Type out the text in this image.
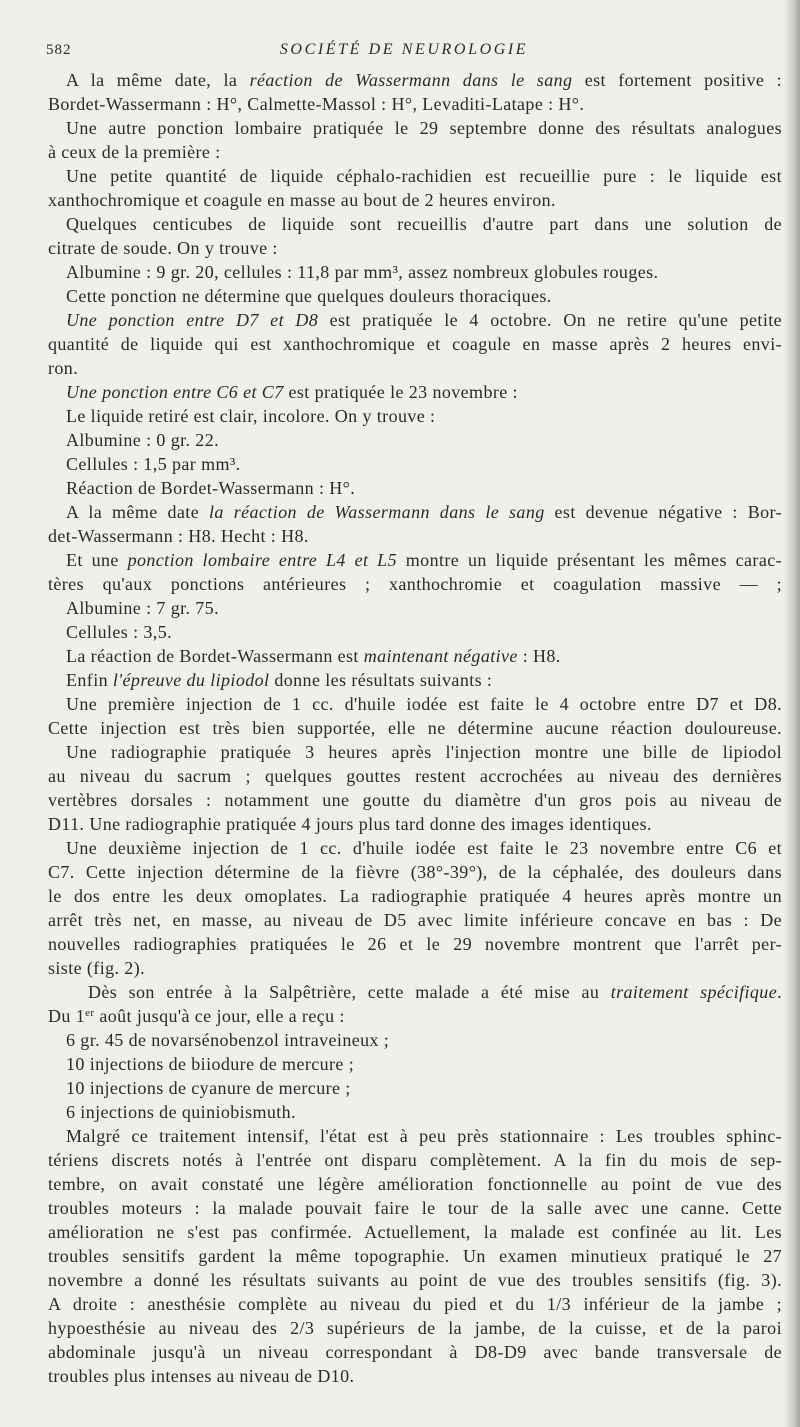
582	SOCIÉTÉ DE NEUROLOGIE
A la même date, la réaction de Wassermann dans le sang est fortement positive :
Bordet-Wassermann : H°, Calmette-Massol : H°, Levaditi-Latape : H°.
Une autre ponction lombaire pratiquée le 29 septembre donne des résultats analogues
à ceux de la première :
Une petite quantité de liquide céphalo-rachidien est recueillie pure : le liquide est
xanthochromique et coagule en masse au bout de 2 heures environ.
Quelques centicubes de liquide sont recueillis d'autre part dans une solution de
citrate de soude. On y trouve :
Albumine : 9 gr. 20, cellules : 11,8 par mm³, assez nombreux globules rouges.
Cette ponction ne détermine que quelques douleurs thoraciques.
Une ponction entre D7 et D8 est pratiquée le 4 octobre. On ne retire qu'une petite
quantité de liquide qui est xanthochromique et coagule en masse après 2 heures envi-
ron.
Une ponction entre C6 et C7 est pratiquée le 23 novembre :
Le liquide retiré est clair, incolore. On y trouve :
Albumine : 0 gr. 22.
Cellules : 1,5 par mm³.
Réaction de Bordet-Wassermann : H°.
A la même date la réaction de Wassermann dans le sang est devenue négative : Bor-
det-Wassermann : H8. Hecht : H8.
Et une ponction lombaire entre L4 et L5 montre un liquide présentant les mêmes carac-
tères qu'aux ponctions antérieures ; xanthochromie et coagulation massive — ;
Albumine : 7 gr. 75.
Cellules : 3,5.
La réaction de Bordet-Wassermann est maintenant négative : H8.
Enfin l'épreuve du lipiodol donne les résultats suivants :
Une première injection de 1 cc. d'huile iodée est faite le 4 octobre entre D7 et D8.
Cette injection est très bien supportée, elle ne détermine aucune réaction douloureuse.
Une radiographie pratiquée 3 heures après l'injection montre une bille de lipiodol
au niveau du sacrum ; quelques gouttes restent accrochées au niveau des dernières
vertèbres dorsales : notamment une goutte du diamètre d'un gros pois au niveau de
D11. Une radiographie pratiquée 4 jours plus tard donne des images identiques.
Une deuxième injection de 1 cc. d'huile iodée est faite le 23 novembre entre C6 et
C7. Cette injection détermine de la fièvre (38°-39°), de la céphalée, des douleurs dans
le dos entre les deux omoplates. La radiographie pratiquée 4 heures après montre un
arrêt très net, en masse, au niveau de D5 avec limite inférieure concave en bas : De
nouvelles radiographies pratiquées le 26 et le 29 novembre montrent que l'arrêt per-
siste (fig. 2).
Dès son entrée à la Salpêtrière, cette malade a été mise au traitement spécifique.
Du 1er août jusqu'à ce jour, elle a reçu :
6 gr. 45 de novarsénobenzol intraveineux ;
10 injections de biiodure de mercure ;
10 injections de cyanure de mercure ;
6 injections de quiniobismuth.
Malgré ce traitement intensif, l'état est à peu près stationnaire : Les troubles sphinc-
tériens discrets notés à l'entrée ont disparu complètement. A la fin du mois de sep-
tembre, on avait constaté une légère amélioration fonctionnelle au point de vue des
troubles moteurs : la malade pouvait faire le tour de la salle avec une canne. Cette
amélioration ne s'est pas confirmée. Actuellement, la malade est confinée au lit. Les
troubles sensitifs gardent la même topographie. Un examen minutieux pratiqué le 27
novembre a donné les résultats suivants au point de vue des troubles sensitifs (fig. 3).
A droite : anesthésie complète au niveau du pied et du 1/3 inférieur de la jambe ;
hypoesthésie au niveau des 2/3 supérieurs de la jambe, de la cuisse, et de la paroi
abdominale jusqu'à un niveau correspondant à D8-D9 avec bande transversale de
troubles plus intenses au niveau de D10.
